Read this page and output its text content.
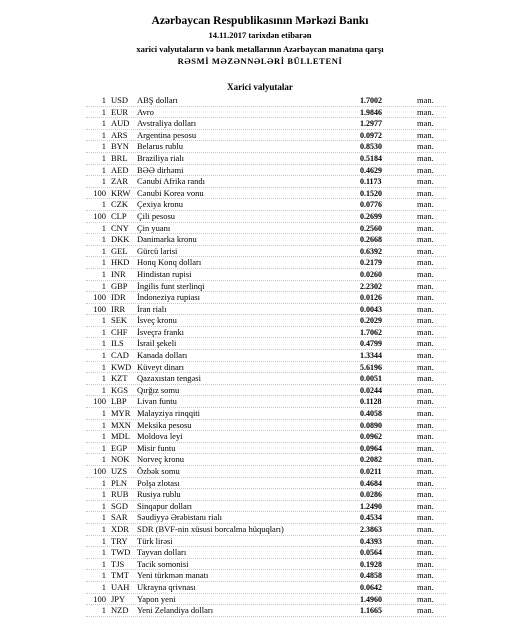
Azərbaycan Respublikasının Mərkəzi Bankı
14.11.2017 tarixdən etibarən
xarici valyutaların və bank metallarının Azərbaycan manatına qarşı
RƏSMİ MƏZƏNNƏLƏRİ BÜLLETENİ
Xarici valyutalar
1 USD	ABŞ dolları	1.7002	man.
1 EUR	Avro	1.9846	man.
1 AUD Avstraliya dolları	1.2977	man.
1 ARS	Argentina pesosu	0.0972	man.
1 BYN Belarus rublu	0.8530	man.
1 BRL	Braziliya rialı	0.5184	man.
1 AED	BƏƏ dirhəmi	0.4629	man.
1 ZAR	Cənubi Afrika randı	0.1173	man.
100 KRW Cənubi Korea vonu	0.1520	man.
1 CZK	Çexiya kronu	0.0776	man.
100 CLP	Çili pesosu	0.2699	man.
1 CNY Çin yuanı	0.2560	man.
1 DKK Danimarka kronu	0.2668	man.
1 GEL	Gürcü larisi	0.6392	man.
1 HKD Honq Konq dolları	0.2179	man.
1 INR	Hindistan rupisi	0.0260	man.
1 GBP	İngilis funt sterlinqi	2.2302	man.
100 IDR	İndoneziya rupiası	0.0126	man.
100 IRR	İran rialı	0.0043	man.
1 SEK	İsveç kronu	0.2029	man.
1 CHF	İsveçrə frankı	1.7062	man.
1 ILS	İsrail şekeli	0.4799	man.
1 CAD Kanada dolları	1.3344	man.
1 KWD Küveyt dinarı	5.6196	man.
1 KZT	Qazaxıstan tengəsi	0.0051	man.
1 KGS	Qırğız somu	0.0244	man.
100 LBP	Livan funtu	0.1128	man.
1 MYR Malayziya rinqqiti	0.4058	man.
1 MXN Meksika pesosu	0.0890	man.
1 MDL Moldova leyi	0.0962	man.
1 EGP	Misir funtu	0.0964	man.
1 NOK Norveç kronu	0.2082	man.
100 UZS	Özbək somu	0.0211	man.
1 PLN	Polşa zlotası	0.4684	man.
1 RUB	Rusiya rublu	0.0286	man.
1 SGD	Sinqapur dolları	1.2490	man.
1 SAR	Səudiyyə Ərəbistanı rialı	0.4534	man.
1 XDR SDR (BVF-nin xüsusi borcalma hüquqları)	2.3863	man.
1 TRY	Türk lirəsi	0.4393	man.
1 TWD Tayvan dolları	0.0564	man.
1 TJS	Tacik somonisi	0.1928	man.
1 TMT Yeni türkmən manatı	0.4858	man.
1 UAH Ukrayna qrivnası	0.0642	man.
100 JPY	Yapon yeni	1.4960	man.
1 NZD	Yeni Zelandiya dolları	1.1665	man.
